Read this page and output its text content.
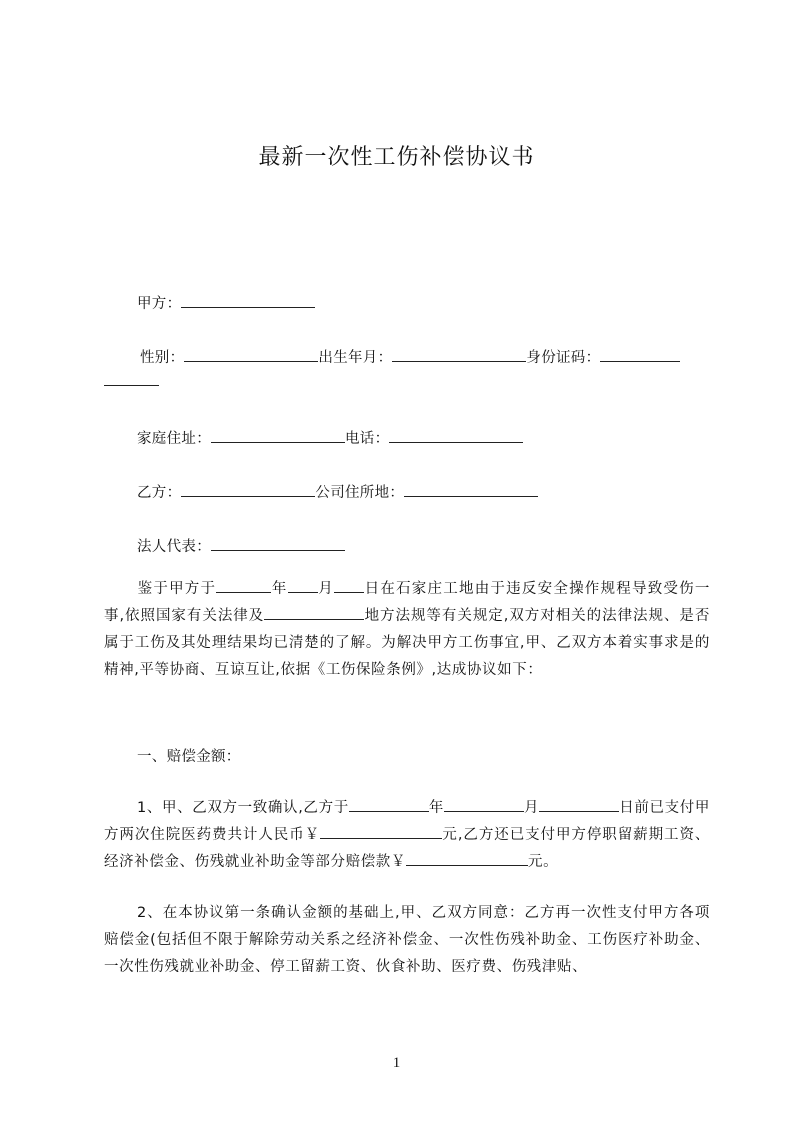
最新一次性工伤补偿协议书
甲方：
性别：	出生年月：	身份证码：
家庭住址：	电话：
乙方：	公司住所地：
法人代表：
鉴于甲方于	年 月 日在石家庄工地由于违反安全操作规程导致受伤一事,依照国家有关法律及	地方法规等有关规定,双方对相关的法律法规、是否属于工伤及其处理结果均已清楚的了解。为解决甲方工伤事宜,甲、乙双方本着实事求是的精神,平等协商、互谅互让,依据《工伤保险条例》,达成协议如下：
一、赔偿金额：
1、甲、乙双方一致确认,乙方于	年	月	日前已支付甲方两次住院医药费共计人民币￥	元,乙方还已支付甲方停职留薪期工资、经济补偿金、伤残就业补助金等部分赔偿款￥	元。
2、在本协议第一条确认金额的基础上,甲、乙双方同意：乙方再一次性支付甲方各项赔偿金(包括但不限于解除劳动关系之经济补偿金、一次性伤残补助金、工伤医疗补助金、一次性伤残就业补助金、停工留薪工资、伙食补助、医疗费、伤残津贴、
1
